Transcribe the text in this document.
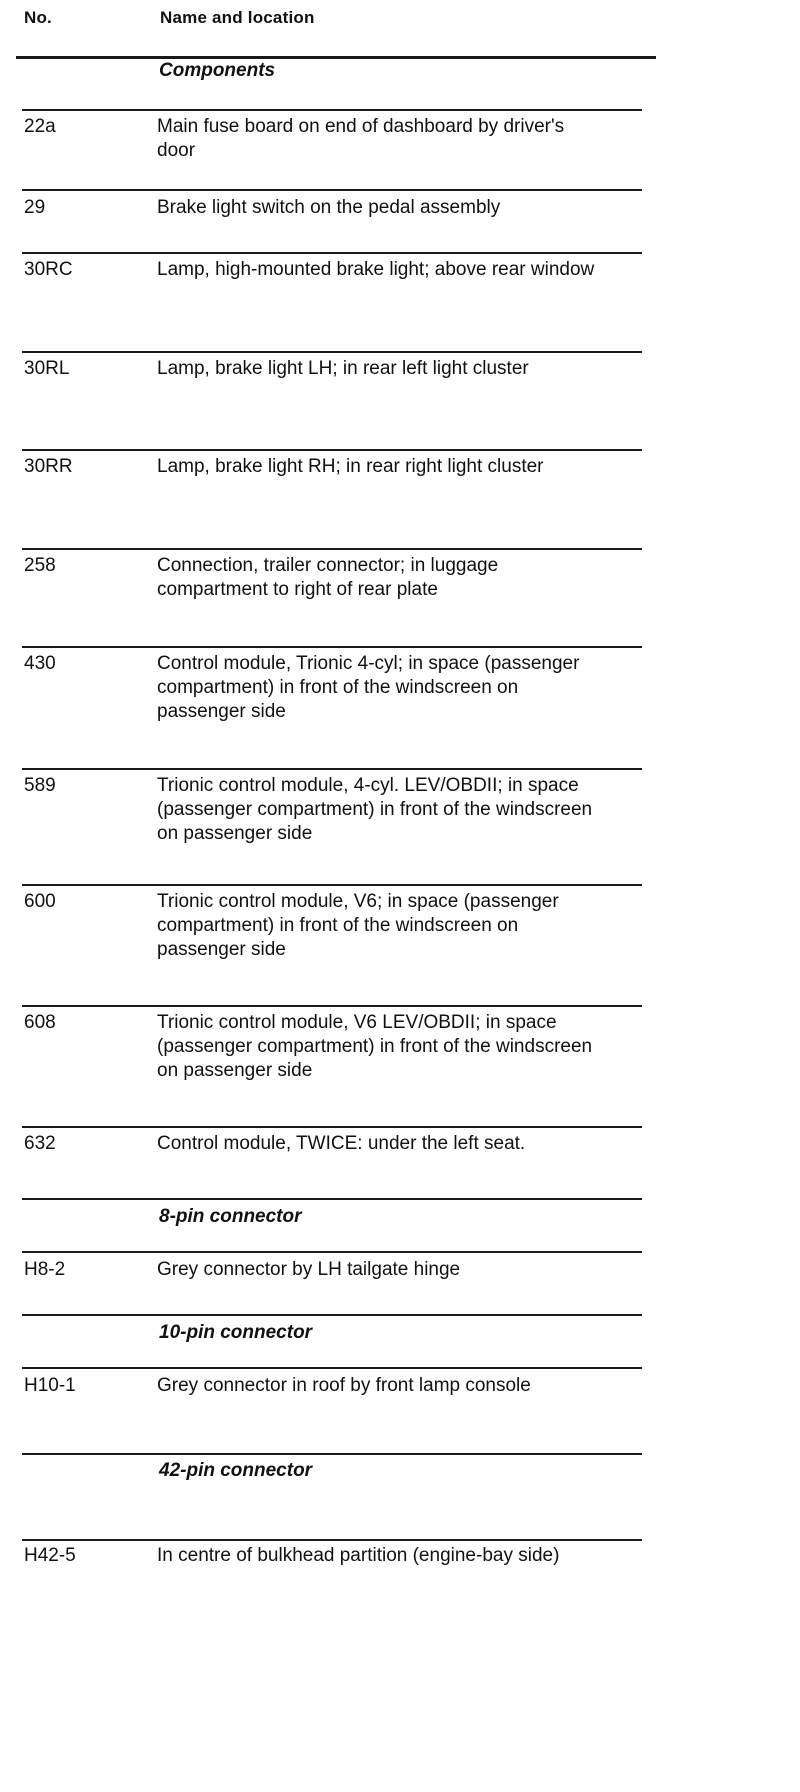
No.	Name and location
Components
22a	Main fuse board on end of dashboard by driver's door
29	Brake light switch on the pedal assembly
30RC	Lamp, high-mounted brake light; above rear window
30RL	Lamp, brake light LH; in rear left light cluster
30RR	Lamp, brake light RH; in rear right light cluster
258	Connection, trailer connector; in luggage compartment to right of rear plate
430	Control module, Trionic 4-cyl; in space (passenger compartment) in front of the windscreen on passenger side
589	Trionic control module, 4-cyl. LEV/OBDII; in space (passenger compartment) in front of the windscreen on passenger side
600	Trionic control module, V6; in space (passenger compartment) in front of the windscreen on passenger side
608	Trionic control module, V6 LEV/OBDII; in space (passenger compartment) in front of the windscreen on passenger side
632	Control module, TWICE: under the left seat.
8-pin connector
H8-2	Grey connector by LH tailgate hinge
10-pin connector
H10-1	Grey connector in roof by front lamp console
42-pin connector
H42-5	In centre of bulkhead partition (engine-bay side)
